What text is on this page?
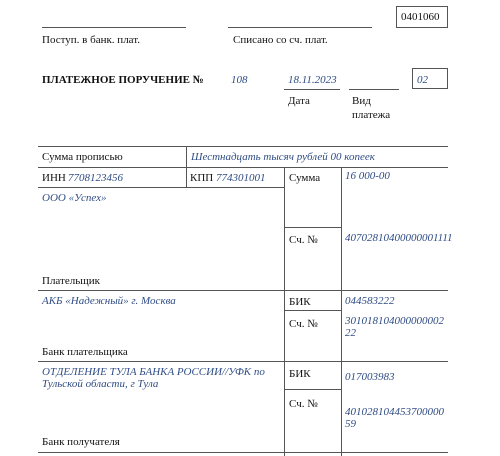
0401060
Поступ. в банк. плат.	Списано со сч. плат.
ПЛАТЕЖНОЕ ПОРУЧЕНИЕ № 108	18.11.2023	02
Дата	Вид
платежа
Сумма прописью	Шестнадцать тысяч рублей 00 копеек
ИНН 7708123456	КПП 774301001 Сумма 16 000-00
ООО «Успех»
Сч. № 40702810400000001111
Плательщик
АКБ «Надежный» г. Москва	БИК	044583222
Сч. № 30101810400000000222
Банк плательщика
ОТДЕЛЕНИЕ ТУЛА БАНКА РОССИИ//УФК по
Тульской области, г Тула
БИК	017003983
Сч. №
40102810445370000059
Банк получателя
